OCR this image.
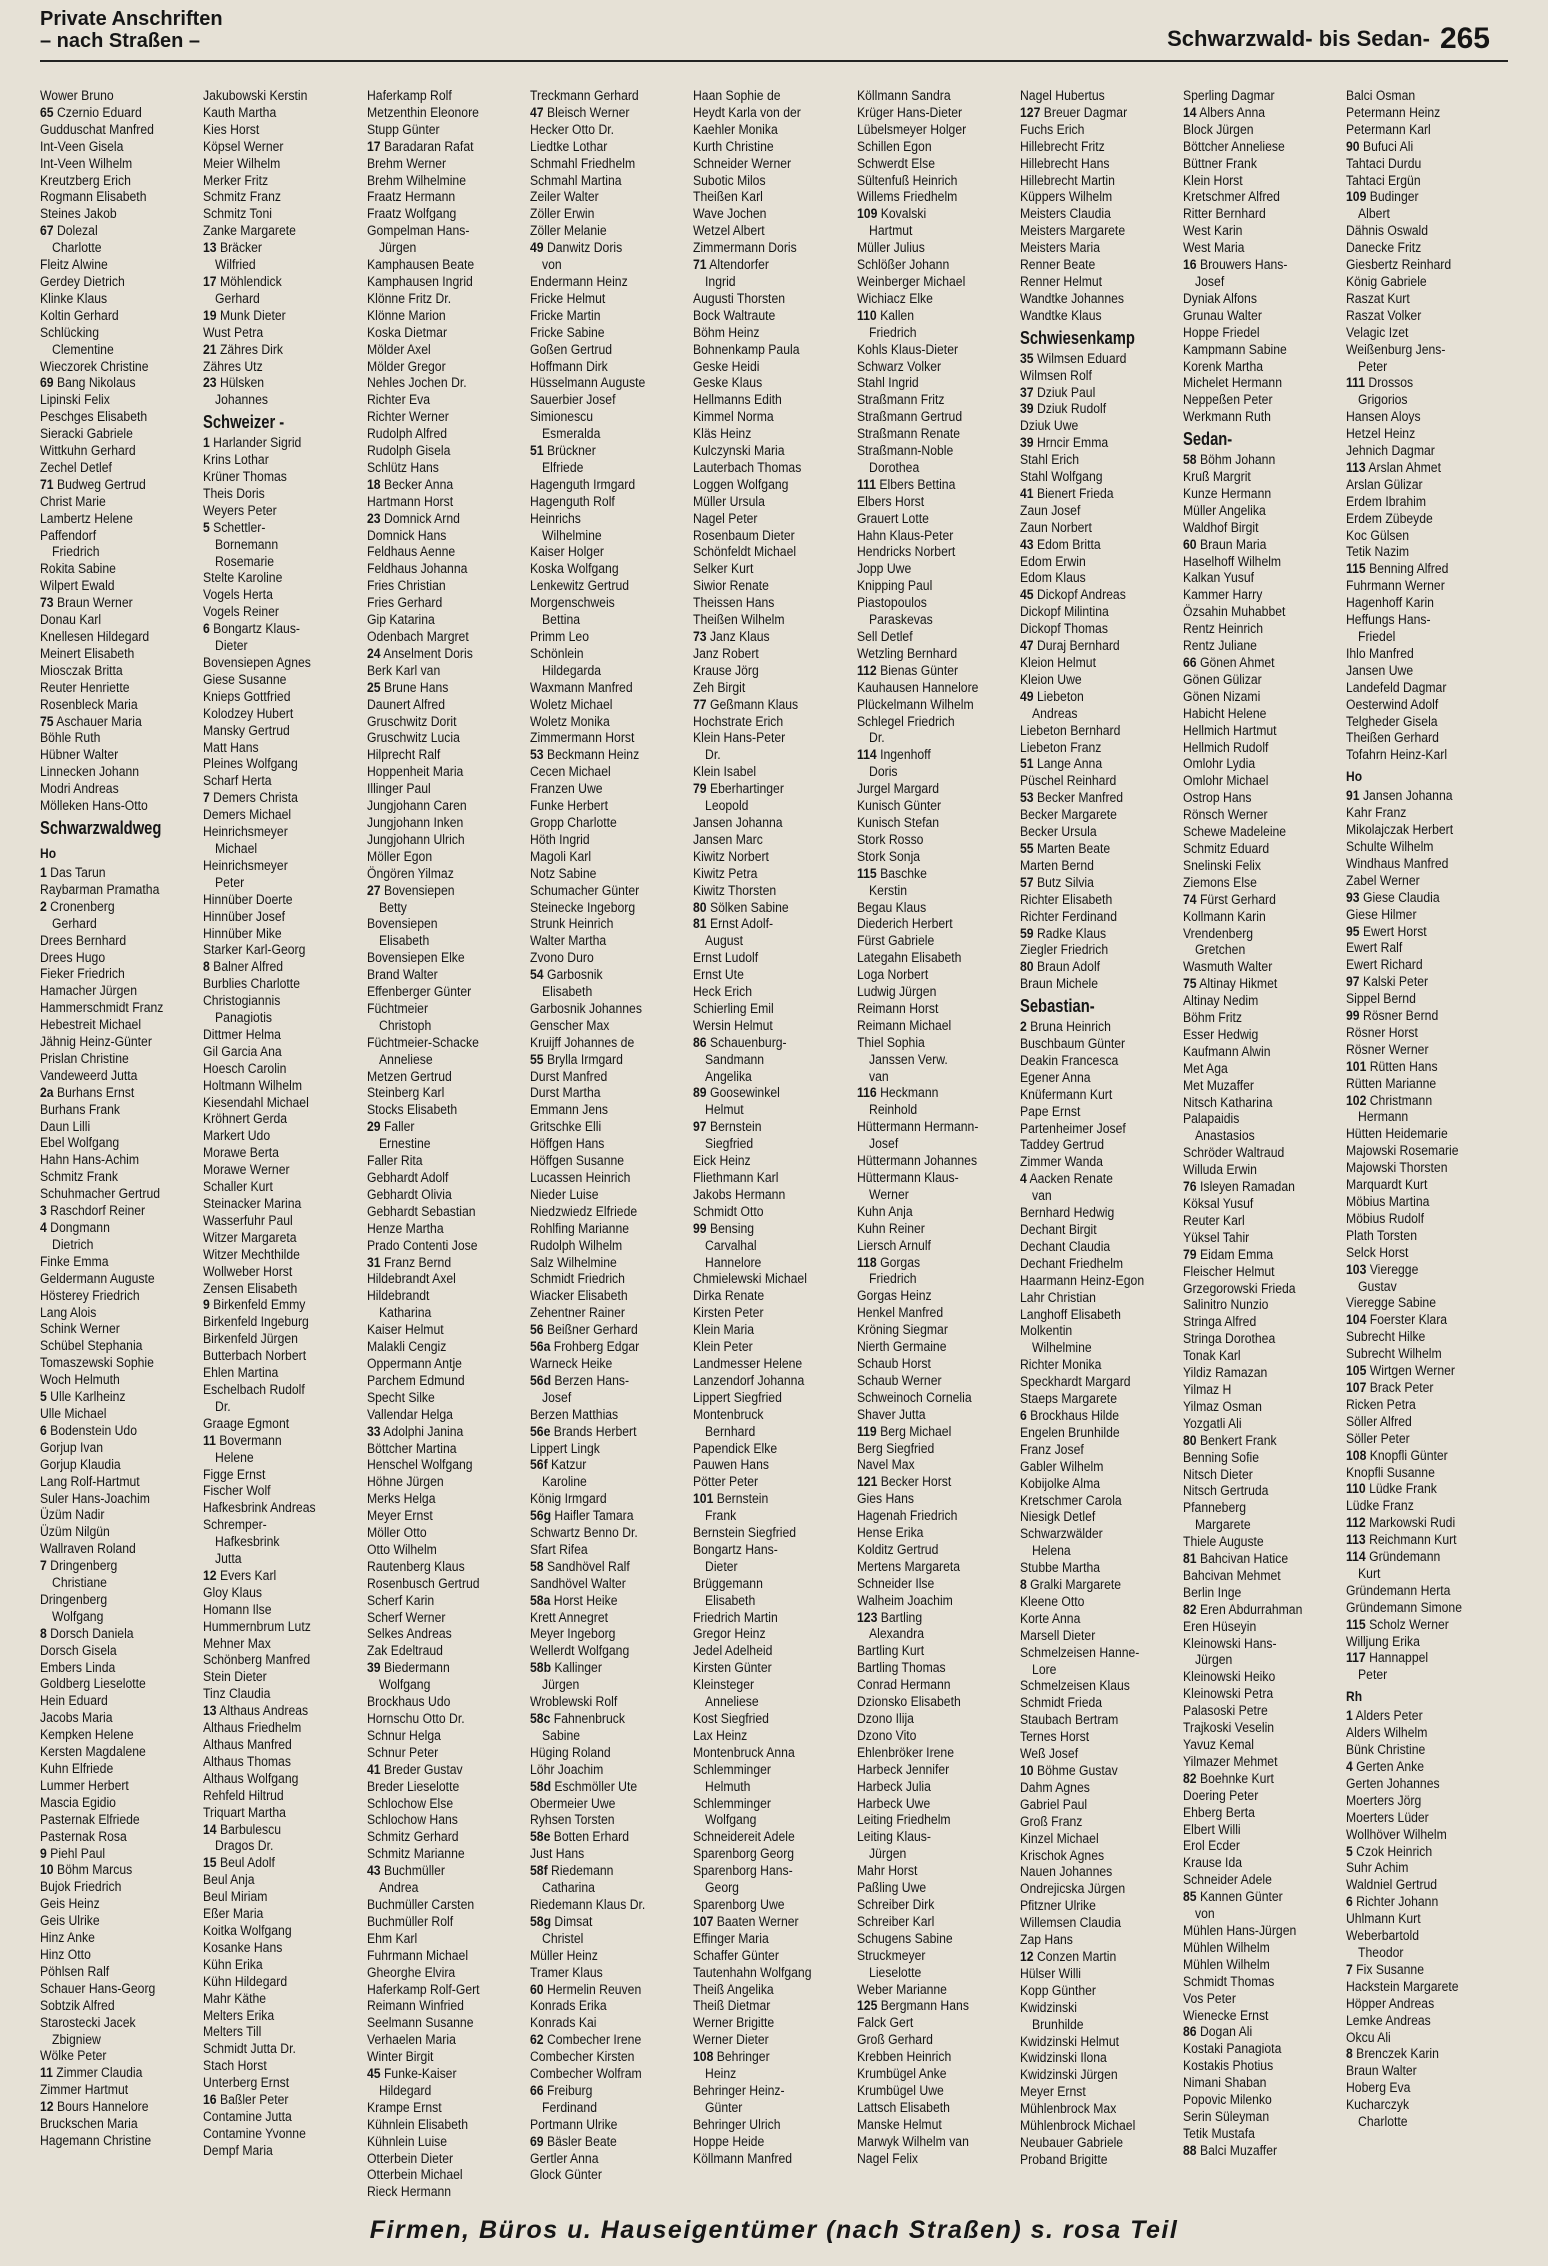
Private Anschriften
– nach Straßen –	Schwarzwald- bis Sedan- 265
Wower Bruno
65 Czernio Eduard
Gudduschat Manfred
Int-Veen Gisela
Int-Veen Wilhelm
Kreutzberg Erich
Rogmann Elisabeth
Steines Jakob
67 Dolezal
Charlotte
Fleitz Alwine
Gerdey Dietrich
Klinke Klaus
Koltin Gerhard
Schlücking
Clementine
Wieczorek Christine
69 Bang Nikolaus
Lipinski Felix
Peschges Elisabeth
Sieracki Gabriele
Wittkuhn Gerhard
Zechel Detlef
71 Budweg Gertrud
Christ Marie
Lambertz Helene
Paffendorf
Friedrich
Rokita Sabine
Wilpert Ewald
73 Braun Werner
Donau Karl
Knellesen Hildegard
Meinert Elisabeth
Miosczak Britta
Reuter Henriette
Rosenbleck Maria
75 Aschauer Maria
Böhle Ruth
Hübner Walter
Linnecken Johann
Modri Andreas
Mölleken Hans-Otto
Schwarzwaldweg
Ho
1 Das Tarun
Raybarman Pramatha
2 Cronenberg
Gerhard
Drees Bernhard
Drees Hugo
Fieker Friedrich
Hamacher Jürgen
Hammerschmidt Franz
Hebestreit Michael
Jähnig Heinz-Günter
Prislan Christine
Vandeweerd Jutta
2a Burhans Ernst
Burhans Frank
Daun Lilli
Ebel Wolfgang
Hahn Hans-Achim
Schmitz Frank
Schuhmacher Gertrud
3 Raschdorf Reiner
4 Dongmann
Dietrich
Finke Emma
Geldermann Auguste
Hösterey Friedrich
Lang Alois
Schink Werner
Schübel Stephania
Tomaszewski Sophie
Woch Helmuth
5 Ulle Karlheinz
Ulle Michael
6 Bodenstein Udo
Gorjup Ivan
Gorjup Klaudia
Lang Rolf-Hartmut
Suler Hans-Joachim
Üzüm Nadir
Üzüm Nilgün
Wallraven Roland
7 Dringenberg
Christiane
Dringenberg
Wolfgang
8 Dorsch Daniela
Dorsch Gisela
Embers Linda
Goldberg Lieselotte
Hein Eduard
Jacobs Maria
Kempken Helene
Kersten Magdalene
Kuhn Elfriede
Lummer Herbert
Mascia Egidio
Pasternak Elfriede
Pasternak Rosa
9 Piehl Paul
10 Böhm Marcus
Bujok Friedrich
Geis Heinz
Geis Ulrike
Hinz Anke
Hinz Otto
Pöhlsen Ralf
Schauer Hans-Georg
Sobtzik Alfred
Starostecki Jacek
Zbigniew
Wölke Peter
11 Zimmer Claudia
Zimmer Hartmut
12 Bours Hannelore
Bruckschen Maria
Hagemann Christine
Jakubowski Kerstin
Kauth Martha
Kies Horst
Köpsel Werner
Meier Wilhelm
Merker Fritz
Schmitz Franz
Schmitz Toni
Zanke Margarete
13 Bräcker
Wilfried
17 Möhlendick
Gerhard
19 Munk Dieter
Wust Petra
21 Zähres Dirk
Zähres Utz
23 Hülsken
Johannes
Schweizer -
1 Harlander Sigrid
Krins Lothar
Krüner Thomas
Theis Doris
Weyers Peter
5 Schettler-
Bornemann
Rosemarie
Stelte Karoline
Vogels Herta
Vogels Reiner
6 Bongartz Klaus-
Dieter
Bovensiepen Agnes
Giese Susanne
Knieps Gottfried
Kolodzey Hubert
Mansky Gertrud
Matt Hans
Pleines Wolfgang
Scharf Herta
7 Demers Christa
Demers Michael
Heinrichsmeyer
Michael
Heinrichsmeyer
Peter
Hinnüber Doerte
Hinnüber Josef
Hinnüber Mike
Starker Karl-Georg
8 Balner Alfred
Burblies Charlotte
Christogiannis
Panagiotis
Dittmer Helma
Gil Garcia Ana
Hoesch Carolin
Holtmann Wilhelm
Kiesendahl Michael
Kröhnert Gerda
Markert Udo
Morawe Berta
Morawe Werner
Schaller Kurt
Steinacker Marina
Wasserfuhr Paul
Witzer Margareta
Witzer Mechthilde
Wollweber Horst
Zensen Elisabeth
9 Birkenfeld Emmy
Birkenfeld Ingeburg
Birkenfeld Jürgen
Butterbach Norbert
Ehlen Martina
Eschelbach Rudolf
Dr.
Graage Egmont
11 Bovermann
Helene
Figge Ernst
Fischer Wolf
Hafkesbrink Andreas
Schremper-
Hafkesbrink
Jutta
12 Evers Karl
Gloy Klaus
Homann Ilse
Hummernbrum Lutz
Mehner Max
Schönberg Manfred
Stein Dieter
Tinz Claudia
13 Althaus Andreas
Althaus Friedhelm
Althaus Manfred
Althaus Thomas
Althaus Wolfgang
Rehfeld Hiltrud
Triquart Martha
14 Barbulescu
Dragos Dr.
15 Beul Adolf
Beul Anja
Beul Miriam
Eßer Maria
Koitka Wolfgang
Kosanke Hans
Kühn Erika
Kühn Hildegard
Mahr Käthe
Melters Erika
Melters Till
Schmidt Jutta Dr.
Stach Horst
Unterberg Ernst
16 Baßler Peter
Contamine Jutta
Contamine Yvonne
Dempf Maria
Haferkamp Rolf
Metzenthin Eleonore
Stupp Günter
17 Baradaran Rafat
Brehm Werner
Brehm Wilhelmine
Fraatz Hermann
Fraatz Wolfgang
Gompelman Hans-
Jürgen
Kamphausen Beate
Kamphausen Ingrid
Klönne Fritz Dr.
Klönne Marion
Koska Dietmar
Mölder Axel
Mölder Gregor
Nehles Jochen Dr.
Richter Eva
Richter Werner
Rudolph Alfred
Rudolph Gisela
Schlütz Hans
18 Becker Anna
Hartmann Horst
23 Domnick Arnd
Domnick Hans
Feldhaus Aenne
Feldhaus Johanna
Fries Christian
Fries Gerhard
Gip Katarina
Odenbach Margret
24 Anselment Doris
Berk Karl van
25 Brune Hans
Daunert Alfred
Gruschwitz Dorit
Gruschwitz Lucia
Hilprecht Ralf
Hoppenheit Maria
Illinger Paul
Jungjohann Caren
Jungjohann Inken
Jungjohann Ulrich
Möller Egon
Öngören Yilmaz
27 Bovensiepen
Betty
Bovensiepen
Elisabeth
Bovensiepen Elke
Brand Walter
Effenberger Günter
Füchtmeier
Christoph
Füchtmeier-Schacke
Anneliese
Metzen Gertrud
Steinberg Karl
Stocks Elisabeth
29 Faller
Ernestine
Faller Rita
Gebhardt Adolf
Gebhardt Olivia
Gebhardt Sebastian
Henze Martha
Prado Contenti Jose
31 Franz Bernd
Hildebrandt Axel
Hildebrandt
Katharina
Kaiser Helmut
Malakli Cengiz
Oppermann Antje
Parchem Edmund
Specht Silke
Vallendar Helga
33 Adolphi Janina
Böttcher Martina
Henschel Wolfgang
Höhne Jürgen
Merks Helga
Meyer Ernst
Möller Otto
Otto Wilhelm
Rautenberg Klaus
Rosenbusch Gertrud
Scherf Karin
Scherf Werner
Selkes Andreas
Zak Edeltraud
39 Biedermann
Wolfgang
Brockhaus Udo
Hornschu Otto Dr.
Schnur Helga
Schnur Peter
41 Breder Gustav
Breder Lieselotte
Schlochow Else
Schlochow Hans
Schmitz Gerhard
Schmitz Marianne
43 Buchmüller
Andrea
Buchmüller Carsten
Buchmüller Rolf
Ehm Karl
Fuhrmann Michael
Gheorghe Elvira
Haferkamp Rolf-Gert
Reimann Winfried
Seelmann Susanne
Verhaelen Maria
Winter Birgit
45 Funke-Kaiser
Hildegard
Krampe Ernst
Kühnlein Elisabeth
Kühnlein Luise
Otterbein Dieter
Otterbein Michael
Rieck Hermann
Treckmann Gerhard
47 Bleisch Werner
Hecker Otto Dr.
Liedtke Lothar
Schmahl Friedhelm
Schmahl Martina
Zeiler Walter
Zöller Erwin
Zöller Melanie
49 Danwitz Doris
von
Endermann Heinz
Fricke Helmut
Fricke Martin
Fricke Sabine
Goßen Gertrud
Hoffmann Dirk
Hüsselmann Auguste
Sauerbier Josef
Simionescu
Esmeralda
51 Brückner
Elfriede
Hagenguth Irmgard
Hagenguth Rolf
Heinrichs
Wilhelmine
Kaiser Holger
Koska Wolfgang
Lenkewitz Gertrud
Morgenschweis
Bettina
Primm Leo
Schönlein
Hildegarda
Waxmann Manfred
Woletz Michael
Woletz Monika
Zimmermann Horst
53 Beckmann Heinz
Cecen Michael
Franzen Uwe
Funke Herbert
Gropp Charlotte
Höth Ingrid
Magoli Karl
Notz Sabine
Schumacher Günter
Steinecke Ingeborg
Strunk Heinrich
Walter Martha
Zvono Duro
54 Garbosnik
Elisabeth
Garbosnik Johannes
Genscher Max
Kruijff Johannes de
55 Brylla Irmgard
Durst Manfred
Durst Martha
Emmann Jens
Gritschke Elli
Höffgen Hans
Höffgen Susanne
Lucassen Heinrich
Nieder Luise
Niedzwiedz Elfriede
Rohlfing Marianne
Rudolph Wilhelm
Salz Wilhelmine
Schmidt Friedrich
Wiacker Elisabeth
Zehentner Rainer
56 Beißner Gerhard
56a Frohberg Edgar
Warneck Heike
56d Berzen Hans-
Josef
Berzen Matthias
56e Brands Herbert
Lippert Lingk
56f Katzur
Karoline
König Irmgard
56g Haifler Tamara
Schwartz Benno Dr.
Sfart Rifea
58 Sandhövel Ralf
Sandhövel Walter
58a Horst Heike
Krett Annegret
Meyer Ingeborg
Wellerdt Wolfgang
58b Kallinger
Jürgen
Wroblewski Rolf
58c Fahnenbruck
Sabine
Hüging Roland
Löhr Joachim
58d Eschmöller Ute
Obermeier Uwe
Ryhsen Torsten
58e Botten Erhard
Just Hans
58f Riedemann
Catharina
Riedemann Klaus Dr.
58g Dimsat
Christel
Müller Heinz
Tramer Klaus
60 Hermelin Reuven
Konrads Erika
Konrads Kai
62 Combecher Irene
Combecher Kirsten
Combecher Wolfram
66 Freiburg
Ferdinand
Portmann Ulrike
69 Bäsler Beate
Gertler Anna
Glock Günter
Haan Sophie de
Heydt Karla von der
Kaehler Monika
Kurth Christine
Schneider Werner
Subotic Milos
Theißen Karl
Wave Jochen
Wetzel Albert
Zimmermann Doris
71 Altendorfer
Ingrid
Augusti Thorsten
Bock Waltraute
Böhm Heinz
Bohnenkamp Paula
Geske Heidi
Geske Klaus
Hellmanns Edith
Kimmel Norma
Kläs Heinz
Kulczynski Maria
Lauterbach Thomas
Loggen Wolfgang
Müller Ursula
Nagel Peter
Rosenbaum Dieter
Schönfeldt Michael
Selker Kurt
Siwior Renate
Theissen Hans
Theißen Wilhelm
73 Janz Klaus
Janz Robert
Krause Jörg
Zeh Birgit
77 Geßmann Klaus
Hochstrate Erich
Klein Hans-Peter
Dr.
Klein Isabel
79 Eberhartinger
Leopold
Jansen Johanna
Jansen Marc
Kiwitz Norbert
Kiwitz Petra
Kiwitz Thorsten
80 Sölken Sabine
81 Ernst Adolf-
August
Ernst Ludolf
Ernst Ute
Heck Erich
Schierling Emil
Wersin Helmut
86 Schauenburg-
Sandmann
Angelika
89 Goosewinkel
Helmut
97 Bernstein
Siegfried
Eick Heinz
Fliethmann Karl
Jakobs Hermann
Schmidt Otto
99 Bensing
Carvalhal
Hannelore
Chmielewski Michael
Dirka Renate
Kirsten Peter
Klein Maria
Klein Peter
Landmesser Helene
Lanzendorf Johanna
Lippert Siegfried
Montenbruck
Bernhard
Papendick Elke
Pauwen Hans
Pötter Peter
101 Bernstein
Frank
Bernstein Siegfried
Bongartz Hans-
Dieter
Brüggemann
Elisabeth
Friedrich Martin
Gregor Heinz
Jedel Adelheid
Kirsten Günter
Kleinsteger
Anneliese
Kost Siegfried
Lax Heinz
Montenbruck Anna
Schlemminger
Helmuth
Schlemminger
Wolfgang
Schneidereit Adele
Sparenborg Georg
Sparenborg Hans-
Georg
Sparenborg Uwe
107 Baaten Werner
Effinger Maria
Schaffer Günter
Tautenhahn Wolfgang
Theiß Angelika
Theiß Dietmar
Werner Brigitte
Werner Dieter
108 Behringer
Heinz
Behringer Heinz-
Günter
Behringer Ulrich
Hoppe Heide
Köllmann Manfred
Köllmann Sandra
Krüger Hans-Dieter
Lübelsmeyer Holger
Schillen Egon
Schwerdt Else
Sültenfuß Heinrich
Willems Friedhelm
109 Kovalski
Hartmut
Müller Julius
Schlößer Johann
Weinberger Michael
Wichiacz Elke
110 Kallen
Friedrich
Kohls Klaus-Dieter
Schwarz Volker
Stahl Ingrid
Straßmann Fritz
Straßmann Gertrud
Straßmann Renate
Straßmann-Noble
Dorothea
111 Elbers Bettina
Elbers Horst
Grauert Lotte
Hahn Klaus-Peter
Hendricks Norbert
Jopp Uwe
Knipping Paul
Piastopoulos
Paraskevas
Sell Detlef
Wetzling Bernhard
112 Bienas Günter
Kauhausen Hannelore
Plückelmann Wilhelm
Schlegel Friedrich
Dr.
114 Ingenhoff
Doris
Jurgel Margard
Kunisch Günter
Kunisch Stefan
Stork Rosso
Stork Sonja
115 Baschke
Kerstin
Begau Klaus
Diederich Herbert
Fürst Gabriele
Lategahn Elisabeth
Loga Norbert
Ludwig Jürgen
Reimann Horst
Reimann Michael
Thiel Sophia
Janssen Verw.
van
116 Heckmann
Reinhold
Hüttermann Hermann-
Josef
Hüttermann Johannes
Hüttermann Klaus-
Werner
Kuhn Anja
Kuhn Reiner
Liersch Arnulf
118 Gorgas
Friedrich
Gorgas Heinz
Henkel Manfred
Kröning Siegmar
Nierth Germaine
Schaub Horst
Schaub Werner
Schweinoch Cornelia
Shaver Jutta
119 Berg Michael
Berg Siegfried
Navel Max
121 Becker Horst
Gies Hans
Hagenah Friedrich
Hense Erika
Kolditz Gertrud
Mertens Margareta
Schneider Ilse
Walheim Joachim
123 Bartling
Alexandra
Bartling Kurt
Bartling Thomas
Conrad Hermann
Dzionsko Elisabeth
Dzono Ilija
Dzono Vito
Ehlenbröker Irene
Harbeck Jennifer
Harbeck Julia
Harbeck Uwe
Leiting Friedhelm
Leiting Klaus-
Jürgen
Mahr Horst
Paßling Uwe
Schreiber Dirk
Schreiber Karl
Schugens Sabine
Struckmeyer
Lieselotte
Weber Marianne
125 Bergmann Hans
Falck Gert
Groß Gerhard
Krebben Heinrich
Krumbügel Anke
Krumbügel Uwe
Lattsch Elisabeth
Manske Helmut
Marwyk Wilhelm van
Nagel Felix
Nagel Hubertus
127 Breuer Dagmar
Fuchs Erich
Hillebrecht Fritz
Hillebrecht Hans
Hillebrecht Martin
Küppers Wilhelm
Meisters Claudia
Meisters Margarete
Meisters Maria
Renner Beate
Renner Helmut
Wandtke Johannes
Wandtke Klaus
Schwiesenkamp
35 Wilmsen Eduard
Wilmsen Rolf
37 Dziuk Paul
39 Dziuk Rudolf
Dziuk Uwe
39 Hrncir Emma
Stahl Erich
Stahl Wolfgang
41 Bienert Frieda
Zaun Josef
Zaun Norbert
43 Edom Britta
Edom Erwin
Edom Klaus
45 Dickopf Andreas
Dickopf Milintina
Dickopf Thomas
47 Duraj Bernhard
Kleion Helmut
Kleion Uwe
49 Liebeton
Andreas
Liebeton Bernhard
Liebeton Franz
51 Lange Anna
Püschel Reinhard
53 Becker Manfred
Becker Margarete
Becker Ursula
55 Marten Beate
Marten Bernd
57 Butz Silvia
Richter Elisabeth
Richter Ferdinand
59 Radke Klaus
Ziegler Friedrich
80 Braun Adolf
Braun Michele
Sebastian-
2 Bruna Heinrich
Buschbaum Günter
Deakin Francesca
Egener Anna
Knüfermann Kurt
Pape Ernst
Partenheimer Josef
Taddey Gertrud
Zimmer Wanda
4 Aacken Renate
van
Bernhard Hedwig
Dechant Birgit
Dechant Claudia
Dechant Friedhelm
Haarmann Heinz-Egon
Lahr Christian
Langhoff Elisabeth
Molkentin
Wilhelmine
Richter Monika
Speckhardt Margard
Staeps Margarete
6 Brockhaus Hilde
Engelen Brunhilde
Franz Josef
Gabler Wilhelm
Kobijolke Alma
Kretschmer Carola
Niesigk Detlef
Schwarzwälder
Helena
Stubbe Martha
8 Gralki Margarete
Kleene Otto
Korte Anna
Marsell Dieter
Schmelzeisen Hanne-
Lore
Schmelzeisen Klaus
Schmidt Frieda
Staubach Bertram
Ternes Horst
Weß Josef
10 Böhme Gustav
Dahm Agnes
Gabriel Paul
Groß Franz
Kinzel Michael
Krischok Agnes
Nauen Johannes
Ondrejicska Jürgen
Pfitzner Ulrike
Willemsen Claudia
Zap Hans
12 Conzen Martin
Hülser Willi
Kopp Günther
Kwidzinski
Brunhilde
Kwidzinski Helmut
Kwidzinski Ilona
Kwidzinski Jürgen
Meyer Ernst
Mühlenbrock Max
Mühlenbrock Michael
Neubauer Gabriele
Proband Brigitte
Sperling Dagmar
14 Albers Anna
Block Jürgen
Böttcher Anneliese
Büttner Frank
Klein Horst
Kretschmer Alfred
Ritter Bernhard
West Karin
West Maria
16 Brouwers Hans-
Josef
Dyniak Alfons
Grunau Walter
Hoppe Friedel
Kampmann Sabine
Korenk Martha
Michelet Hermann
Neppeßen Peter
Werkmann Ruth
Sedan-
58 Böhm Johann
Kruß Margrit
Kunze Hermann
Müller Angelika
Waldhof Birgit
60 Braun Maria
Haselhoff Wilhelm
Kalkan Yusuf
Kammer Harry
Özsahin Muhabbet
Rentz Heinrich
Rentz Juliane
66 Gönen Ahmet
Gönen Gülizar
Gönen Nizami
Habicht Helene
Hellmich Hartmut
Hellmich Rudolf
Omlohr Lydia
Omlohr Michael
Ostrop Hans
Rönsch Werner
Schewe Madeleine
Schmitz Eduard
Snelinski Felix
Ziemons Else
74 Fürst Gerhard
Kollmann Karin
Vrendenberg
Gretchen
Wasmuth Walter
75 Altinay Hikmet
Altinay Nedim
Böhm Fritz
Esser Hedwig
Kaufmann Alwin
Met Aga
Met Muzaffer
Nitsch Katharina
Palapaidis
Anastasios
Schröder Waltraud
Willuda Erwin
76 Isleyen Ramadan
Köksal Yusuf
Reuter Karl
Yüksel Tahir
79 Eidam Emma
Fleischer Helmut
Grzegorowski Frieda
Salinitro Nunzio
Stringa Alfred
Stringa Dorothea
Tonak Karl
Yildiz Ramazan
Yilmaz H
Yilmaz Osman
Yozgatli Ali
80 Benkert Frank
Benning Sofie
Nitsch Dieter
Nitsch Gertruda
Pfanneberg
Margarete
Thiele Auguste
81 Bahcivan Hatice
Bahcivan Mehmet
Berlin Inge
82 Eren Abdurrahman
Eren Hüseyin
Kleinowski Hans-
Jürgen
Kleinowski Heiko
Kleinowski Petra
Palasoski Petre
Trajkoski Veselin
Yavuz Kemal
Yilmazer Mehmet
82 Boehnke Kurt
Doering Peter
Ehberg Berta
Elbert Willi
Erol Ecder
Krause Ida
Schneider Adele
85 Kannen Günter
von
Mühlen Hans-Jürgen
Mühlen Wilhelm
Mühlen Wilhelm
Schmidt Thomas
Vos Peter
Wienecke Ernst
86 Dogan Ali
Kostaki Panagiota
Kostakis Photius
Nimani Shaban
Popovic Milenko
Serin Süleyman
Tetik Mustafa
88 Balci Muzaffer
Balci Osman
Petermann Heinz
Petermann Karl
90 Bufuci Ali
Tahtaci Durdu
Tahtaci Ergün
109 Budinger
Albert
Dähnis Oswald
Danecke Fritz
Giesbertz Reinhard
König Gabriele
Raszat Kurt
Raszat Volker
Velagic Izet
Weißenburg Jens-
Peter
111 Drossos
Grigorios
Hansen Aloys
Hetzel Heinz
Jehnich Dagmar
113 Arslan Ahmet
Arslan Gülizar
Erdem Ibrahim
Erdem Zübeyde
Koc Gülsen
Tetik Nazim
115 Benning Alfred
Fuhrmann Werner
Hagenhoff Karin
Heffungs Hans-
Friedel
Ihlo Manfred
Jansen Uwe
Landefeld Dagmar
Oesterwind Adolf
Telgheder Gisela
Theißen Gerhard
Tofahrn Heinz-Karl
Ho
91 Jansen Johanna
Kahr Franz
Mikolajczak Herbert
Schulte Wilhelm
Windhaus Manfred
Zabel Werner
93 Giese Claudia
Giese Hilmer
95 Ewert Horst
Ewert Ralf
Ewert Richard
97 Kalski Peter
Sippel Bernd
99 Rösner Bernd
Rösner Horst
Rösner Werner
101 Rütten Hans
Rütten Marianne
102 Christmann
Hermann
Hütten Heidemarie
Majowski Rosemarie
Majowski Thorsten
Marquardt Kurt
Möbius Martina
Möbius Rudolf
Plath Torsten
Selck Horst
103 Vieregge
Gustav
Vieregge Sabine
104 Foerster Klara
Subrecht Hilke
Subrecht Wilhelm
105 Wirtgen Werner
107 Brack Peter
Ricken Petra
Söller Alfred
Söller Peter
108 Knopfli Günter
Knopfli Susanne
110 Lüdke Frank
Lüdke Franz
112 Markowski Rudi
113 Reichmann Kurt
114 Gründemann
Kurt
Gründemann Herta
Gründemann Simone
115 Scholz Werner
Willjung Erika
117 Hannappel
Peter
Rh
1 Alders Peter
Alders Wilhelm
Bünk Christine
4 Gerten Anke
Gerten Johannes
Moerters Jörg
Moerters Lüder
Wollhöver Wilhelm
5 Czok Heinrich
Suhr Achim
Waldniel Gertrud
6 Richter Johann
Uhlmann Kurt
Weberbartold
Theodor
7 Fix Susanne
Hackstein Margarete
Höpper Andreas
Lemke Andreas
Okcu Ali
8 Brenczek Karin
Braun Walter
Hoberg Eva
Kucharczyk
Charlotte
Firmen, Büros u. Hauseigentümer (nach Straßen) s. rosa Teil
